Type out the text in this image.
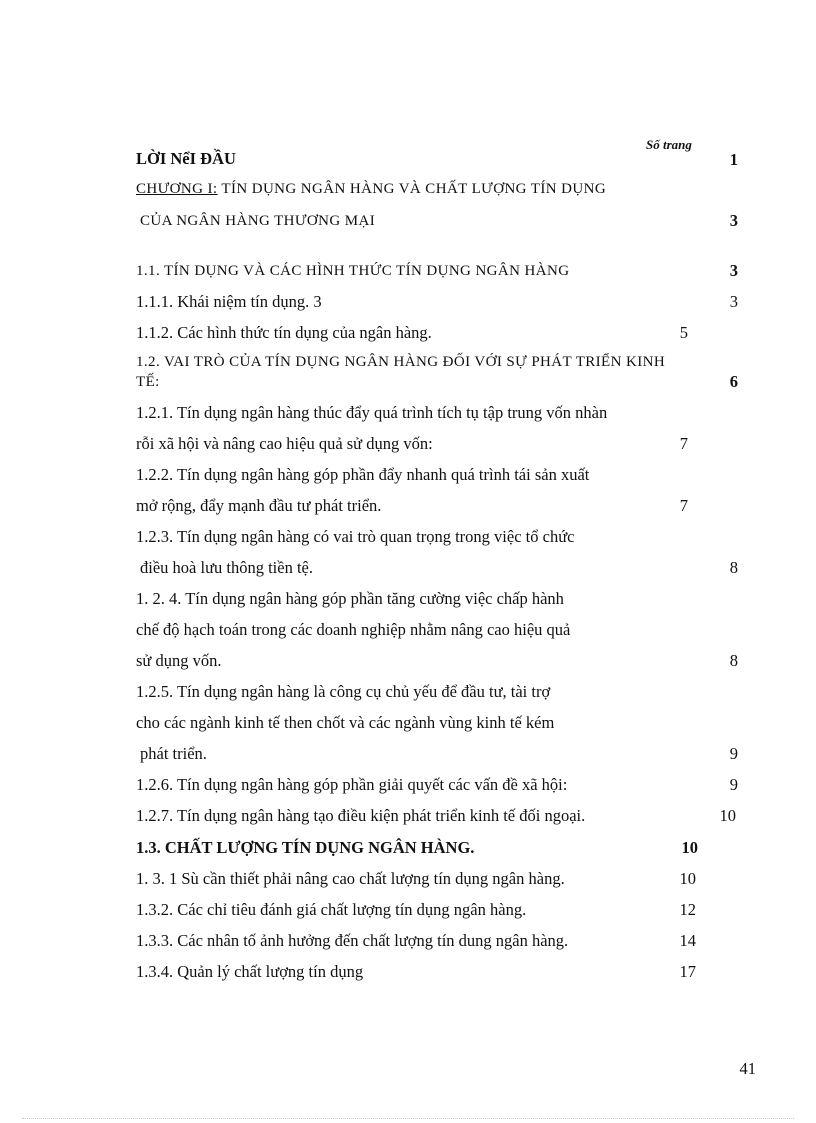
Số trang
LỜI NểI ĐẦU	1
CHƯƠNG I: TÍN DỤNG NGÂN HÀNG VÀ CHẤT LƯỢNG TÍN DỤNG
CỦA NGÂN HÀNG THƯƠNG MẠI	3
1.1. TÍN DỤNG VÀ CÁC HÌNH THỨC TÍN DỤNG NGÂN HÀNG	3
1.1.1. Khái niệm tín dụng. 3	3
1.1.2. Các hình thức tín dụng của ngân hàng.	5
1.2. VAI TRÒ CỦA TÍN DỤNG NGÂN HÀNG ĐỐI VỚI SỰ PHÁT TRIỂN KINH
TẾ:	6
1.2.1. Tín dụng ngân hàng thúc đẩy quá trình tích tụ tập trung vốn nhàn
rỗi xã hội và nâng cao hiệu quả sử dụng vốn:	7
1.2.2. Tín dụng ngân hàng góp phần đẩy nhanh quá trình tái sản xuất
mở rộng, đẩy mạnh đầu tư phát triển.	7
1.2.3. Tín dụng ngân hàng có vai trò quan trọng trong việc tổ chức
điều hoà lưu thông tiền tệ.	8
1. 2. 4. Tín dụng ngân hàng góp phần tăng cường việc chấp hành
chế độ hạch toán trong các doanh nghiệp nhằm nâng cao hiệu quả
sử dụng vốn.	8
1.2.5. Tín dụng ngân hàng là công cụ chủ yếu để đầu tư, tài trợ
cho các ngành kinh tế then chốt và các ngành vùng kinh tế kém
phát triển.	9
1.2.6. Tín dụng ngân hàng góp phần giải quyết các vấn đề xã hội:	9
1.2.7. Tín dụng ngân hàng tạo điều kiện phát triển kinh tế đối ngoại.	10
1.3. CHẤT LƯỢNG TÍN DỤNG NGÂN HÀNG.	10
1. 3. 1 Sù cần thiết phải nâng cao chất lượng tín dụng ngân hàng.	10
1.3.2. Các chỉ tiêu đánh giá chất lượng tín dụng ngân hàng.	12
1.3.3. Các nhân tố ảnh hưởng đến chất lượng tín dung ngân hàng.	14
1.3.4. Quản lý chất lượng tín dụng	17
41
